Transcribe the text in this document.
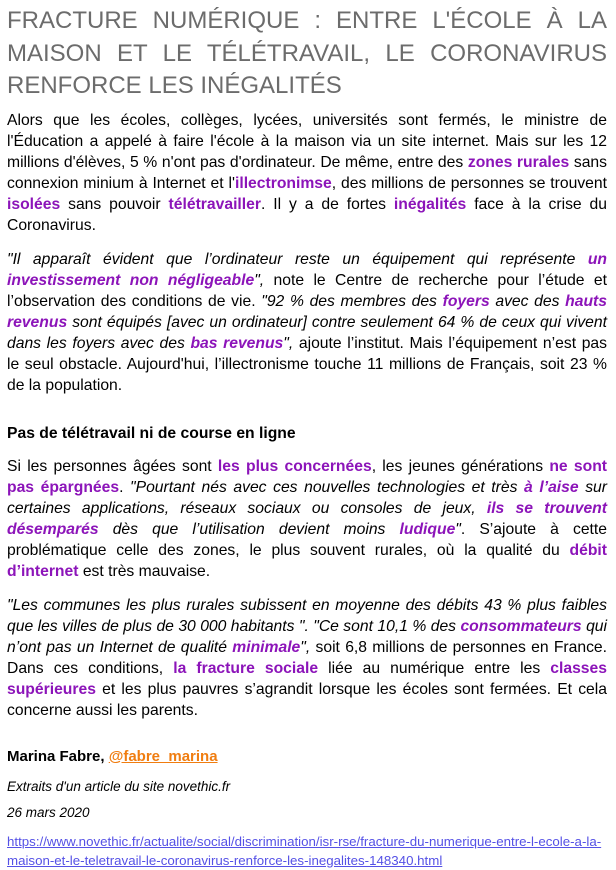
FRACTURE NUMÉRIQUE : ENTRE L'ÉCOLE À LA MAISON ET LE TÉLÉTRAVAIL, LE CORONAVIRUS RENFORCE LES INÉGALITÉS

Alors que les écoles, collèges, lycées, universités sont fermés, le ministre de l'Éducation a appelé à faire l'école à la maison via un site internet. Mais sur les 12 millions d'élèves, 5 % n'ont pas d'ordinateur. De même, entre des zones rurales sans connexion minium à Internet et l'illectronimse, des millions de personnes se trouvent isolées sans pouvoir télétravailler. Il y a de fortes inégalités face à la crise du Coronavirus.

"Il apparaît évident que l’ordinateur reste un équipement qui représente un investissement non négligeable", note le Centre de recherche pour l’étude et l’observation des conditions de vie. "92 % des membres des foyers avec des hauts revenus sont équipés [avec un ordinateur] contre seulement 64 % de ceux qui vivent dans les foyers avec des bas revenus", ajoute l’institut. Mais l’équipement n’est pas le seul obstacle. Aujourd'hui, l’illectronisme touche 11 millions de Français, soit 23 % de la population.

Pas de télétravail ni de course en ligne

Si les personnes âgées sont les plus concernées, les jeunes générations ne sont pas épargnées. "Pourtant nés avec ces nouvelles technologies et très à l’aise sur certaines applications, réseaux sociaux ou consoles de jeux, ils se trouvent désemparés dès que l’utilisation devient moins ludique". S’ajoute à cette problématique celle des zones, le plus souvent rurales, où la qualité du débit d’internet est très mauvaise.

"Les communes les plus rurales subissent en moyenne des débits 43 % plus faibles que les villes de plus de 30 000 habitants ". "Ce sont 10,1 % des consommateurs qui n’ont pas un Internet de qualité minimale", soit 6,8 millions de personnes en France. Dans ces conditions, la fracture sociale liée au numérique entre les classes supérieures et les plus pauvres s’agrandit lorsque les écoles sont fermées. Et cela concerne aussi les parents.

Marina Fabre, @fabre_marina

Extraits d'un article du site novethic.fr

26 mars 2020

https://www.novethic.fr/actualite/social/discrimination/isr-rse/fracture-du-numerique-entre-l-ecole-a-la-maison-et-le-teletravail-le-coronavirus-renforce-les-inegalites-148340.html
